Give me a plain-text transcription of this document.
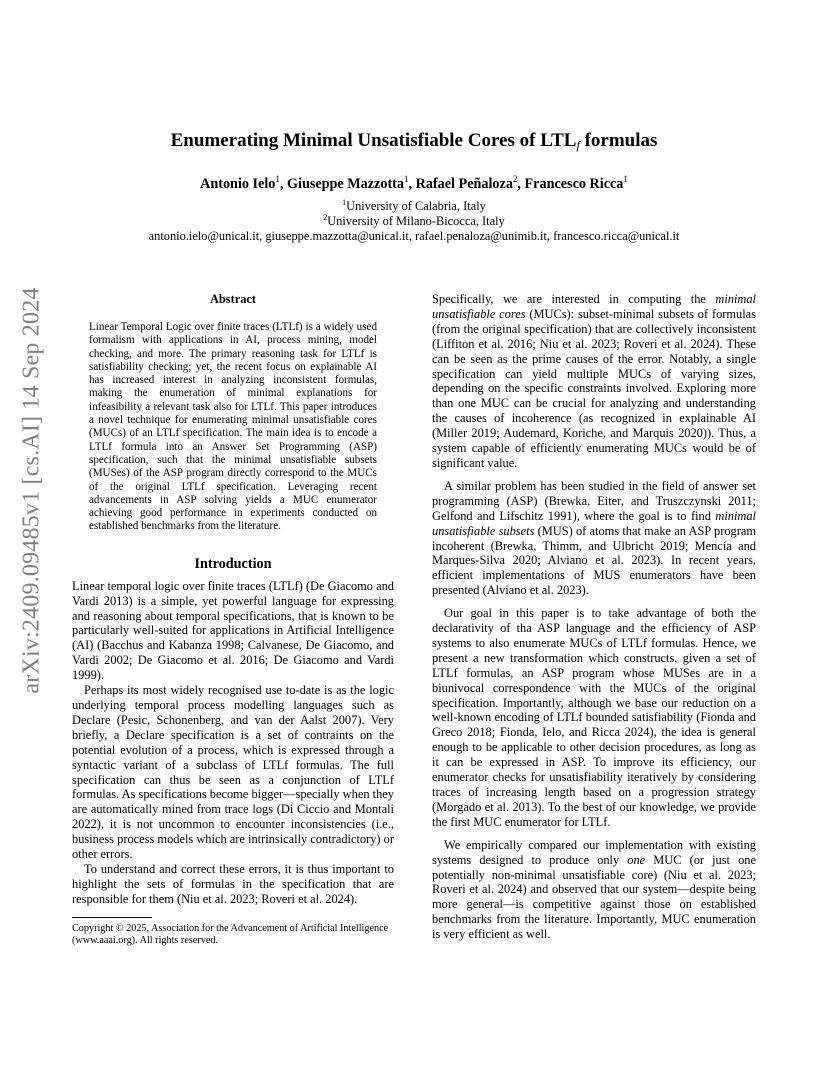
arXiv:2409.09485v1 [cs.AI] 14 Sep 2024
Enumerating Minimal Unsatisfiable Cores of $LTL_f$ formulas
Antonio Ielo$^1$, Giuseppe Mazzotta$^1$, Rafael Peñaloza$^2$, Francesco Ricca$^1$
$^1$University of Calabria, Italy
$^2$University of Milano-Bicocca, Italy
antonio.ielo@unical.it, giuseppe.mazzotta@unical.it, rafael.penaloza@unimib.it, francesco.ricca@unical.it
Abstract

Linear Temporal Logic over finite traces (LTLf) is a widely used formalism with applications in AI, process mining, model checking, and more. The primary reasoning task for LTLf is satisfiability checking; yet, the recent focus on explainable AI has increased interest in analyzing inconsistent formulas, making the enumeration of minimal explanations for infeasibility a relevant task also for LTLf. This paper introduces a novel technique for enumerating minimal unsatisfiable cores (MUCs) of an LTLf specification. The main idea is to encode a LTLf formula into an Answer Set Programming (ASP) specification, such that the minimal unsatisfiable subsets (MUSes) of the ASP program directly correspond to the MUCs of the original LTLf specification. Leveraging recent advancements in ASP solving yields a MUC enumerator achieving good performance in experiments conducted on established benchmarks from the literature.

Introduction

Linear temporal logic over finite traces (LTLf) (De Giacomo and Vardi 2013) is a simple, yet powerful language for expressing and reasoning about temporal specifications, that is known to be particularly well-suited for applications in Artificial Intelligence (AI) (Bacchus and Kabanza 1998; Calvanese, De Giacomo, and Vardi 2002; De Giacomo et al. 2016; De Giacomo and Vardi 1999).

Perhaps its most widely recognised use to-date is as the logic underlying temporal process modelling languages such as Declare (Pesic, Schonenberg, and van der Aalst 2007). Very briefly, a Declare specification is a set of contraints on the potential evolution of a process, which is expressed through a syntactic variant of a subclass of LTLf formulas. The full specification can thus be seen as a conjunction of LTLf formulas. As specifications become bigger—specially when they are automatically mined from trace logs (Di Ciccio and Montali 2022), it is not uncommon to encounter inconsistencies (i.e., business process models which are intrinsically contradictory) or other errors.

To understand and correct these errors, it is thus important to highlight the sets of formulas in the specification that are responsible for them (Niu et al. 2023; Roveri et al. 2024).

Copyright © 2025, Association for the Advancement of Artificial Intelligence (www.aaai.org). All rights reserved.

Specifically, we are interested in computing the minimal unsatisfiable cores (MUCs): subset-minimal subsets of formulas (from the original specification) that are collectively inconsistent (Liffiton et al. 2016; Niu et al. 2023; Roveri et al. 2024). These can be seen as the prime causes of the error. Notably, a single specification can yield multiple MUCs of varying sizes, depending on the specific constraints involved. Exploring more than one MUC can be crucial for analyzing and understanding the causes of incoherence (as recognized in explainable AI (Miller 2019; Audemard, Koriche, and Marquis 2020)). Thus, a system capable of efficiently enumerating MUCs would be of significant value.

A similar problem has been studied in the field of answer set programming (ASP) (Brewka, Eiter, and Truszczynski 2011; Gelfond and Lifschitz 1991), where the goal is to find minimal unsatisfiable subsets (MUS) of atoms that make an ASP program incoherent (Brewka, Thimm, and Ulbricht 2019; Mencía and Marques-Silva 2020; Alviano et al. 2023). In recent years, efficient implementations of MUS enumerators have been presented (Alviano et al. 2023).

Our goal in this paper is to take advantage of both the declarativity of tha ASP language and the efficiency of ASP systems to also enumerate MUCs of LTLf formulas. Hence, we present a new transformation which constructs, given a set of LTLf formulas, an ASP program whose MUSes are in a biunivocal correspondence with the MUCs of the original specification. Importantly, although we base our reduction on a well-known encoding of LTLf bounded satisfiability (Fionda and Greco 2018; Fionda, Ielo, and Ricca 2024), the idea is general enough to be applicable to other decision procedures, as long as it can be expressed in ASP. To improve its efficiency, our enumerator checks for unsatisfiability iteratively by considering traces of increasing length based on a progression strategy (Morgado et al. 2013). To the best of our knowledge, we provide the first MUC enumerator for LTLf.

We empirically compared our implementation with existing systems designed to produce only one MUC (or just one potentially non-minimal unsatisfiable core) (Niu et al. 2023; Roveri et al. 2024) and observed that our system—despite being more general—is competitive against those on established benchmarks from the literature. Importantly, MUC enumeration is very efficient as well.
